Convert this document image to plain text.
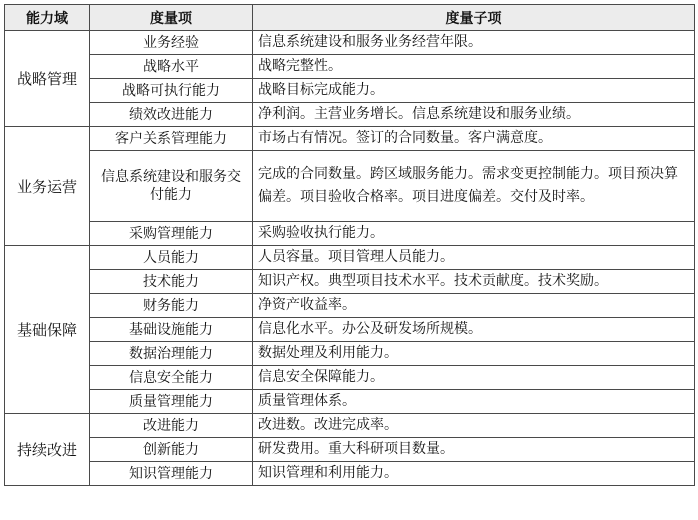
能力域	度量项	度量子项
战略管理	业务经验	信息系统建设和服务业务经营年限。
	战略水平	战略完整性。
	战略可执行能力	战略目标完成能力。
	绩效改进能力	净利润。主营业务增长。信息系统建设和服务业绩。
业务运营	客户关系管理能力	市场占有情况。签订的合同数量。客户满意度。
	信息系统建设和服务交付能力	完成的合同数量。跨区域服务能力。需求变更控制能力。项目预决算偏差。项目验收合格率。项目进度偏差。交付及时率。
	采购管理能力	采购验收执行能力。
基础保障	人员能力	人员容量。项目管理人员能力。
	技术能力	知识产权。典型项目技术水平。技术贡献度。技术奖励。
	财务能力	净资产收益率。
	基础设施能力	信息化水平。办公及研发场所规模。
	数据治理能力	数据处理及利用能力。
	信息安全能力	信息安全保障能力。
	质量管理能力	质量管理体系。
持续改进	改进能力	改进数。改进完成率。
	创新能力	研发费用。重大科研项目数量。
	知识管理能力	知识管理和利用能力。
